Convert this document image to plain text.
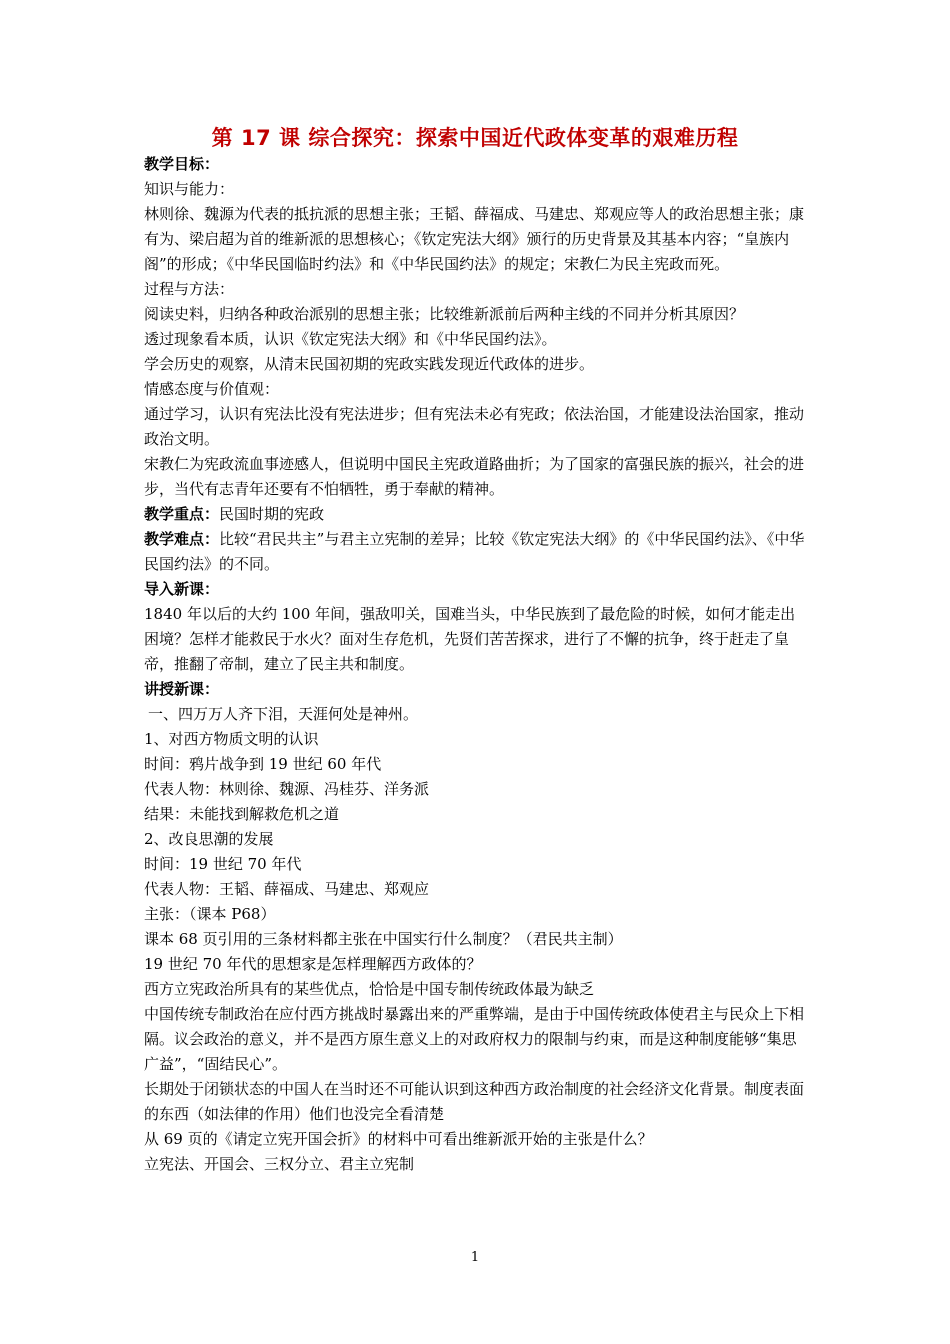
第 17 课 综合探究：探索中国近代政体变革的艰难历程

教学目标：

知识与能力：

林则徐、魏源为代表的抵抗派的思想主张；王韬、薛福成、马建忠、郑观应等人的政治思想主张；康有为、梁启超为首的维新派的思想核心；《钦定宪法大纲》颁行的历史背景及其基本内容；“皇族内阁”的形成；《中华民国临时约法》和《中华民国约法》的规定；宋教仁为民主宪政而死。

过程与方法：

阅读史料，归纳各种政治派别的思想主张；比较维新派前后两种主线的不同并分析其原因？

透过现象看本质，认识《钦定宪法大纲》和《中华民国约法》。

学会历史的观察，从清末民国初期的宪政实践发现近代政体的进步。

情感态度与价值观：

通过学习，认识有宪法比没有宪法进步；但有宪法未必有宪政；依法治国，才能建设法治国家，推动政治文明。

宋教仁为宪政流血事迹感人，但说明中国民主宪政道路曲折；为了国家的富强民族的振兴，社会的进步，当代有志青年还要有不怕牺牲，勇于奉献的精神。

教学重点：民国时期的宪政

教学难点：比较“君民共主”与君主立宪制的差异；比较《钦定宪法大纲》的《中华民国约法》、《中华民国约法》的不同。

导入新课：

1840 年以后的大约 100 年间，强敌叩关，国难当头，中华民族到了最危险的时候，如何才能走出困境？怎样才能救民于水火？面对生存危机，先贤们苦苦探求，进行了不懈的抗争，终于赶走了皇帝，推翻了帝制，建立了民主共和制度。

讲授新课：

一、四万万人齐下泪，天涯何处是神州。

1、对西方物质文明的认识

时间：鸦片战争到 19 世纪 60 年代

代表人物：林则徐、魏源、冯桂芬、洋务派

结果：未能找到解救危机之道

2、改良思潮的发展

时间：19 世纪 70 年代

代表人物：王韬、薛福成、马建忠、郑观应

主张：（课本 P68）

课本 68 页引用的三条材料都主张在中国实行什么制度？（君民共主制）

19 世纪 70 年代的思想家是怎样理解西方政体的？

西方立宪政治所具有的某些优点，恰恰是中国专制传统政体最为缺乏

中国传统专制政治在应付西方挑战时暴露出来的严重弊端，是由于中国传统政体使君主与民众上下相隔。议会政治的意义，并不是西方原生意义上的对政府权力的限制与约束，而是这种制度能够“集思广益”，“固结民心”。

长期处于闭锁状态的中国人在当时还不可能认识到这种西方政治制度的社会经济文化背景。制度表面的东西（如法律的作用）他们也没完全看清楚

从 69 页的《请定立宪开国会折》的材料中可看出维新派开始的主张是什么？

立宪法、开国会、三权分立、君主立宪制

1
